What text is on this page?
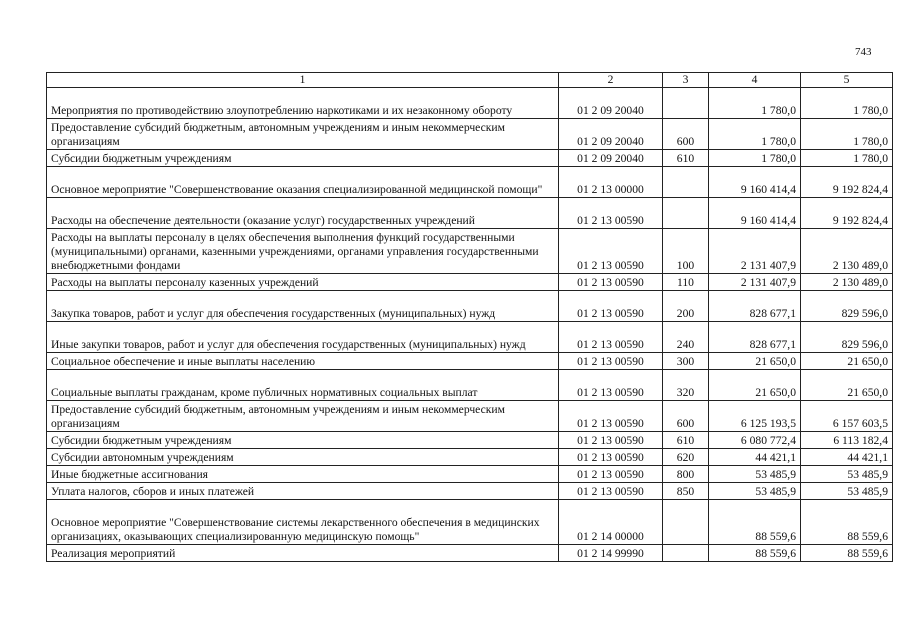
743
1	2	3	4	5
Мероприятия по противодействию злоупотреблению наркотиками и их незаконному обороту	01 2 09 20040		1 780,0	1 780,0
Предоставление субсидий бюджетным, автономным учреждениям и иным некоммерческим организациям	01 2 09 20040	600	1 780,0	1 780,0
Субсидии бюджетным учреждениям	01 2 09 20040	610	1 780,0	1 780,0
Основное мероприятие "Совершенствование оказания специализированной медицинской помощи"	01 2 13 00000		9 160 414,4	9 192 824,4
Расходы на обеспечение деятельности (оказание услуг) государственных учреждений	01 2 13 00590		9 160 414,4	9 192 824,4
Расходы на выплаты персоналу в целях обеспечения выполнения функций государственными (муниципальными) органами, казенными учреждениями, органами управления государственными внебюджетными фондами	01 2 13 00590	100	2 131 407,9	2 130 489,0
Расходы на выплаты персоналу казенных учреждений	01 2 13 00590	110	2 131 407,9	2 130 489,0
Закупка товаров, работ и услуг для обеспечения государственных (муниципальных) нужд	01 2 13 00590	200	828 677,1	829 596,0
Иные закупки товаров, работ и услуг для обеспечения государственных (муниципальных) нужд	01 2 13 00590	240	828 677,1	829 596,0
Социальное обеспечение и иные выплаты населению	01 2 13 00590	300	21 650,0	21 650,0
Социальные выплаты гражданам, кроме публичных нормативных социальных выплат	01 2 13 00590	320	21 650,0	21 650,0
Предоставление субсидий бюджетным, автономным учреждениям и иным некоммерческим организациям	01 2 13 00590	600	6 125 193,5	6 157 603,5
Субсидии бюджетным учреждениям	01 2 13 00590	610	6 080 772,4	6 113 182,4
Субсидии автономным учреждениям	01 2 13 00590	620	44 421,1	44 421,1
Иные бюджетные ассигнования	01 2 13 00590	800	53 485,9	53 485,9
Уплата налогов, сборов и иных платежей	01 2 13 00590	850	53 485,9	53 485,9
Основное мероприятие "Совершенствование системы лекарственного обеспечения в медицинских организациях, оказывающих специализированную медицинскую помощь"	01 2 14 00000		88 559,6	88 559,6
Реализация мероприятий	01 2 14 99990		88 559,6	88 559,6
